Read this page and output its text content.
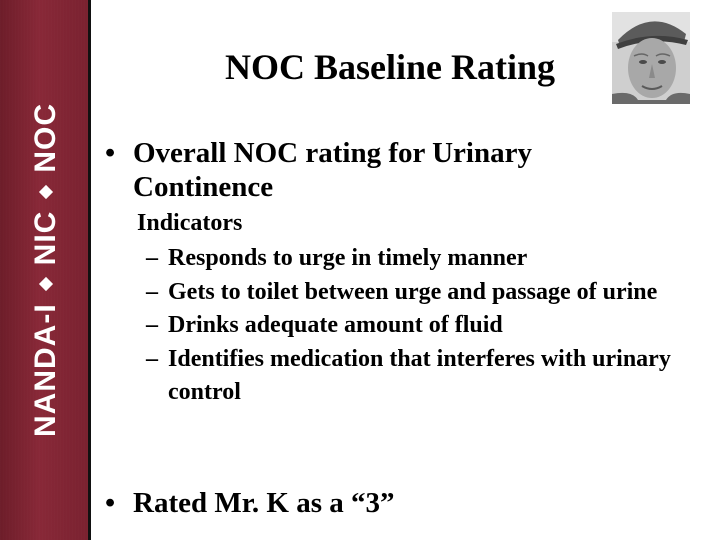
NANDA-I
NIC
NOC
NOC Baseline Rating
• Overall NOC rating for Urinary Continence
Indicators
– Responds to urge in timely manner
– Gets to toilet between urge and passage of urine
– Drinks adequate amount of fluid
– Identifies medication that interferes with urinary control
• Rated Mr. K as a “3”
